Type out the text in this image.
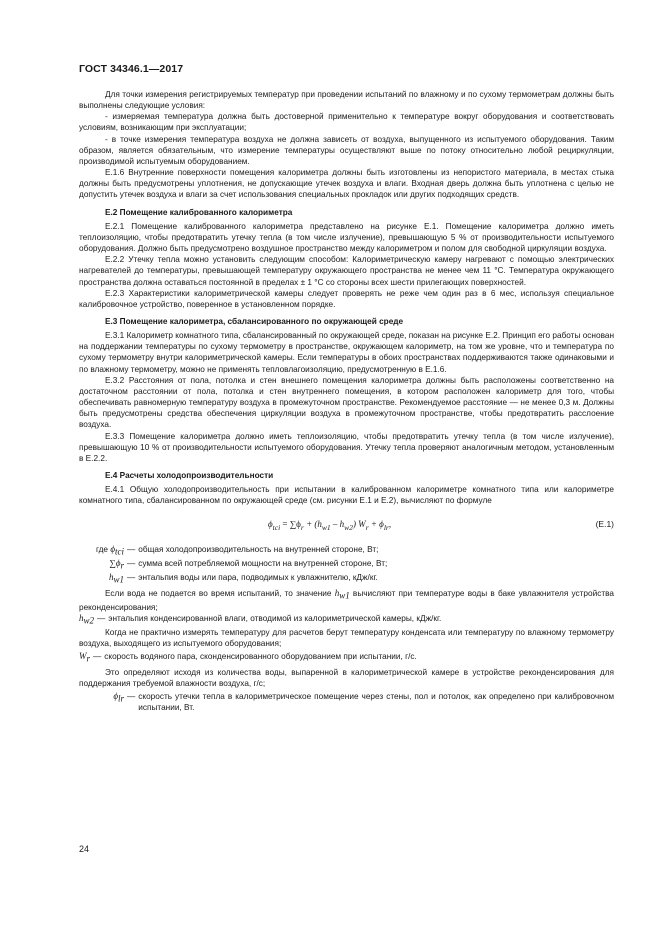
ГОСТ 34346.1—2017

Для точки измерения регистрируемых температур при проведении испытаний по влажному и по сухому термометрам должны быть выполнены следующие условия:

- измеряемая температура должна быть достоверной применительно к температуре вокруг оборудования и соответствовать условиям, возникающим при эксплуатации;

- в точке измерения температура воздуха не должна зависеть от воздуха, выпущенного из испытуемого оборудования. Таким образом, является обязательным, что измерение температуры осуществляют выше по потоку относительно любой рециркуляции, производимой испытуемым оборудованием.

Е.1.6 Внутренние поверхности помещения калориметра должны быть изготовлены из непористого материала, в местах стыка должны быть предусмотрены уплотнения, не допускающие утечек воздуха и влаги. Входная дверь должна быть уплотнена с целью не допустить утечек воздуха и влаги за счет использования специальных прокладок или других подходящих средств.

Е.2 Помещение калиброванного калориметра

Е.2.1 Помещение калиброванного калориметра представлено на рисунке Е.1. Помещение калориметра должно иметь теплоизоляцию, чтобы предотвратить утечку тепла (в том числе излучение), превышающую 5 % от производительности испытуемого оборудования. Должно быть предусмотрено воздушное пространство между калориметром и полом для свободной циркуляции воздуха.

Е.2.2 Утечку тепла можно установить следующим способом: Калориметрическую камеру нагревают с помощью электрических нагревателей до температуры, превышающей температуру окружающего пространства не менее чем 11 °С. Температура окружающего пространства должна оставаться постоянной в пределах ± 1 °С со стороны всех шести прилегающих поверхностей.

Е.2.3 Характеристики калориметрической камеры следует проверять не реже чем один раз в 6 мес, используя специальное калибровочное устройство, поверенное в установленном порядке.

Е.3 Помещение калориметра, сбалансированного по окружающей среде

Е.3.1 Калориметр комнатного типа, сбалансированный по окружающей среде, показан на рисунке Е.2. Принцип его работы основан на поддержании температуры по сухому термометру в пространстве, окружающем калориметр, на том же уровне, что и температура по сухому термометру внутри калориметрической камеры. Если температуры в обоих пространствах поддерживаются также одинаковыми и по влажному термометру, можно не применять тепловлагоизоляцию, предусмотренную в Е.1.6.

Е.3.2 Расстояния от пола, потолка и стен внешнего помещения калориметра должны быть расположены соответственно на достаточном расстоянии от пола, потолка и стен внутреннего помещения, в котором расположен калориметр для того, чтобы обеспечивать равномерную температуру воздуха в промежуточном пространстве. Рекомендуемое расстояние — не менее 0,3 м. Должны быть предусмотрены средства обеспечения циркуляции воздуха в промежуточном пространстве, чтобы предотвратить расслоение воздуха.

Е.3.3 Помещение калориметра должно иметь теплоизоляцию, чтобы предотвратить утечку тепла (в том числе излучение), превышающую 10 % от производительности испытуемого оборудования. Утечку тепла проверяют аналогичным методом, установленным в Е.2.2.

Е.4 Расчеты холодопроизводительности

Е.4.1 Общую холодопроизводительность при испытании в калиброванном калориметре комнатного типа или калориметре комнатного типа, сбалансированном по окружающей среде (см. рисунки Е.1 и Е.2), вычисляют по формуле

$\phi_{tci} = \sum\phi_r + (h_{w1} - h_{w2}) W_r + \phi_{lr}$,	(Е.1)
где $\phi_{tci}$ — общая холодопроизводительность на внутренней стороне, Вт;
$\sum\phi_r$ — сумма всей потребляемой мощности на внутренней стороне, Вт;
$h_{w1}$ — энтальпия воды или пара, подводимых к увлажнителю, кДж/кг.

Если вода не подается во время испытаний, то значение $h_{w1}$ вычисляют при температуре воды в баке увлажнителя устройства реконденсирования;

$h_{w2}$ — энтальпия конденсированной влаги, отводимой из калориметрической камеры, кДж/кг.

Когда не практично измерять температуру для расчетов берут температуру конденсата или температуру по влажному термометру воздуха, выходящего из испытуемого оборудования;

$W_r$ — скорость водяного пара, сконденсированного оборудованием при испытании, г/с.

Это определяют исходя из количества воды, выпаренной в калориметрической камере в устройстве реконденсирования для поддержания требуемой влажности воздуха, г/с;

$\phi_{lr}$ — скорость утечки тепла в калориметрическое помещение через стены, пол и потолок, как определено при калибровочном испытании, Вт.
24
